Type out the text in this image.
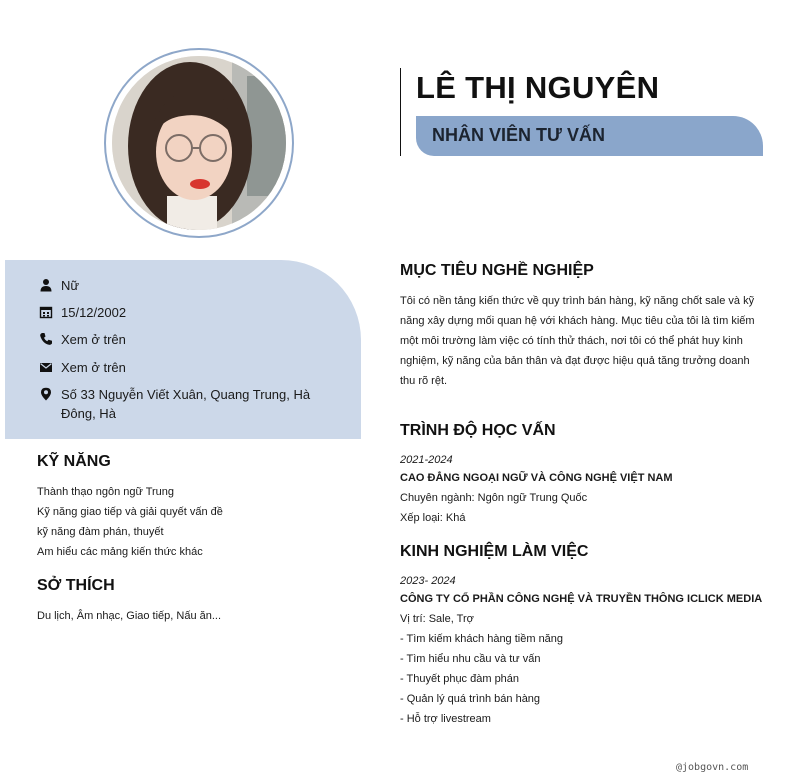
LÊ THỊ NGUYÊN
NHÂN VIÊN TƯ VẤN
Nữ
15/12/2002
Xem ở trên
Xem ở trên
Số 33 Nguyễn Viết Xuân, Quang Trung, Hà
Đông, Hà
KỸ NĂNG
Thành thạo ngôn ngữ Trung
Kỹ năng giao tiếp và giải quyết vấn đề
kỹ năng đàm phán, thuyết
Am hiểu các mảng kiến thức khác
SỞ THÍCH
Du lịch, Âm nhạc, Giao tiếp, Nấu ăn...
MỤC TIÊU NGHỀ NGHIỆP
Tôi có nền tảng kiến thức về quy trình bán hàng, kỹ năng chốt sale và kỹ năng xây dựng mối quan hệ với khách hàng. Mục tiêu của tôi là tìm kiếm một môi trường làm việc có tính thử thách, nơi tôi có thể phát huy kinh nghiệm, kỹ năng của bản thân và đạt được hiệu quả tăng trưởng doanh thu rõ rệt.
TRÌNH ĐỘ HỌC VẤN
2021-2024
CAO ĐẲNG NGOẠI NGỮ VÀ CÔNG NGHỆ VIỆT NAM
Chuyên ngành: Ngôn ngữ Trung Quốc
Xếp loại: Khá
KINH NGHIỆM LÀM VIỆC
2023- 2024
CÔNG TY CỔ PHẦN CÔNG NGHỆ VÀ TRUYỀN THÔNG ICLICK MEDIA
Vị trí: Sale, Trợ
- Tìm kiếm khách hàng tiềm năng
- Tìm hiểu nhu cầu và tư vấn
- Thuyết phục đàm phán
- Quản lý quá trình bán hàng
- Hỗ trợ livestream
@jobgovn.com
